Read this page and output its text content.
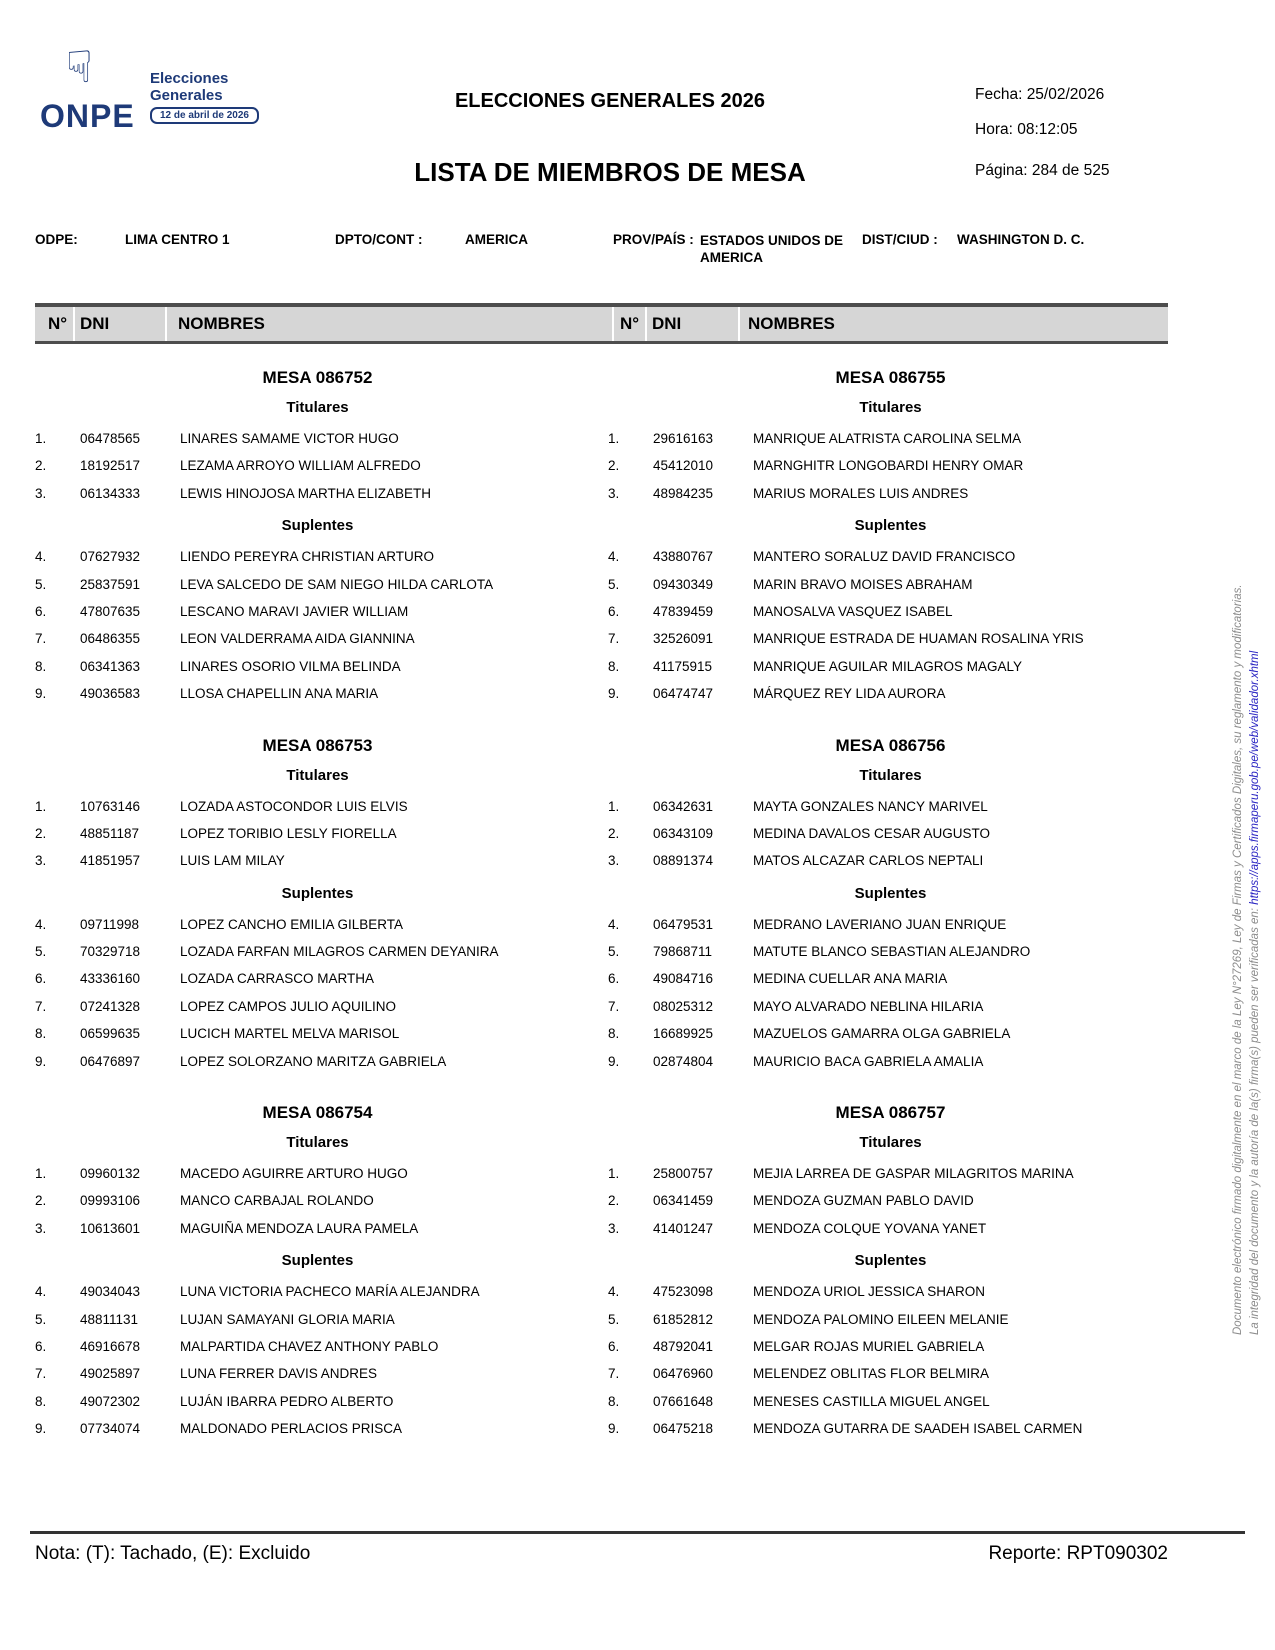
☟
ONPE
Elecciones
Generales
12 de abril de 2026
ELECCIONES GENERALES 2026
LISTA DE MIEMBROS DE MESA
Fecha: 25/02/2026
Hora: 08:12:05
Página: 284 de 525
ODPE:	LIMA CENTRO 1	DPTO/CONT :	AMERICA	PROV/PAÍS : ESTADOS UNIDOS DE AMERICA
DIST/CIUD : WASHINGTON D. C.
N° DNI	NOMBRES	N° DNI	NOMBRES
MESA 086752
Titulares
1.	06478565	LINARES SAMAME VICTOR HUGO
2.	18192517	LEZAMA ARROYO WILLIAM ALFREDO
3.	06134333	LEWIS HINOJOSA MARTHA ELIZABETH
Suplentes
4.	07627932	LIENDO PEREYRA CHRISTIAN ARTURO
5.	25837591	LEVA SALCEDO DE SAM NIEGO HILDA CARLOTA
6.	47807635	LESCANO MARAVI JAVIER WILLIAM
7.	06486355	LEON VALDERRAMA AIDA GIANNINA
8.	06341363	LINARES OSORIO VILMA BELINDA
9.	49036583	LLOSA CHAPELLIN ANA MARIA
MESA 086753
Titulares
1.	10763146	LOZADA ASTOCONDOR LUIS ELVIS
2.	48851187	LOPEZ TORIBIO LESLY FIORELLA
3.	41851957	LUIS LAM MILAY
Suplentes
4.	09711998	LOPEZ CANCHO EMILIA GILBERTA
5.	70329718	LOZADA FARFAN MILAGROS CARMEN DEYANIRA
6.	43336160	LOZADA CARRASCO MARTHA
7.	07241328	LOPEZ CAMPOS JULIO AQUILINO
8.	06599635	LUCICH MARTEL MELVA MARISOL
9.	06476897	LOPEZ SOLORZANO MARITZA GABRIELA
MESA 086754
Titulares
1.	09960132	MACEDO AGUIRRE ARTURO HUGO
2.	09993106	MANCO CARBAJAL ROLANDO
3.	10613601	MAGUIÑA MENDOZA LAURA PAMELA
Suplentes
4.	49034043	LUNA VICTORIA PACHECO MARÍA ALEJANDRA
5.	48811131	LUJAN SAMAYANI GLORIA MARIA
6.	46916678	MALPARTIDA CHAVEZ ANTHONY PABLO
7.	49025897	LUNA FERRER DAVIS ANDRES
8.	49072302	LUJÁN IBARRA PEDRO ALBERTO
9.	07734074	MALDONADO PERLACIOS PRISCA
MESA 086755
Titulares
1.	29616163	MANRIQUE ALATRISTA CAROLINA SELMA
2.	45412010	MARNGHITR LONGOBARDI HENRY OMAR
3.	48984235	MARIUS MORALES LUIS ANDRES
Suplentes
4.	43880767	MANTERO SORALUZ DAVID FRANCISCO
5.	09430349	MARIN BRAVO MOISES ABRAHAM
6.	47839459	MANOSALVA VASQUEZ ISABEL
7.	32526091	MANRIQUE ESTRADA DE HUAMAN ROSALINA YRIS
8.	41175915	MANRIQUE AGUILAR MILAGROS MAGALY
9.	06474747	MÁRQUEZ REY LIDA AURORA
MESA 086756
Titulares
1.	06342631	MAYTA GONZALES NANCY MARIVEL
2.	06343109	MEDINA DAVALOS CESAR AUGUSTO
3.	08891374	MATOS ALCAZAR CARLOS NEPTALI
Suplentes
4.	06479531	MEDRANO LAVERIANO JUAN ENRIQUE
5.	79868711	MATUTE BLANCO SEBASTIAN ALEJANDRO
6.	49084716	MEDINA CUELLAR ANA MARIA
7.	08025312	MAYO ALVARADO NEBLINA HILARIA
8.	16689925	MAZUELOS GAMARRA OLGA GABRIELA
9.	02874804	MAURICIO BACA GABRIELA AMALIA
MESA 086757
Titulares
1.	25800757	MEJIA LARREA DE GASPAR MILAGRITOS MARINA
2.	06341459	MENDOZA GUZMAN PABLO DAVID
3.	41401247	MENDOZA COLQUE YOVANA YANET
Suplentes
4.	47523098	MENDOZA URIOL JESSICA SHARON
5.	61852812	MENDOZA PALOMINO EILEEN MELANIE
6.	48792041	MELGAR ROJAS MURIEL GABRIELA
7.	06476960	MELENDEZ OBLITAS FLOR BELMIRA
8.	07661648	MENESES CASTILLA MIGUEL ANGEL
9.	06475218	MENDOZA GUTARRA DE SAADEH ISABEL CARMEN
Nota: (T): Tachado, (E): Excluido	Reporte: RPT090302
Documento electrónico firmado digitalmente en el marco de la Ley N°27269, Ley de Firmas y Certificados Digitales, su reglamento y modificatorias. La integridad del documento y la autoría de la(s) firma(s) pueden ser verificadas en: https://apps.firmaperu.gob.pe/web/validador.xhtml
